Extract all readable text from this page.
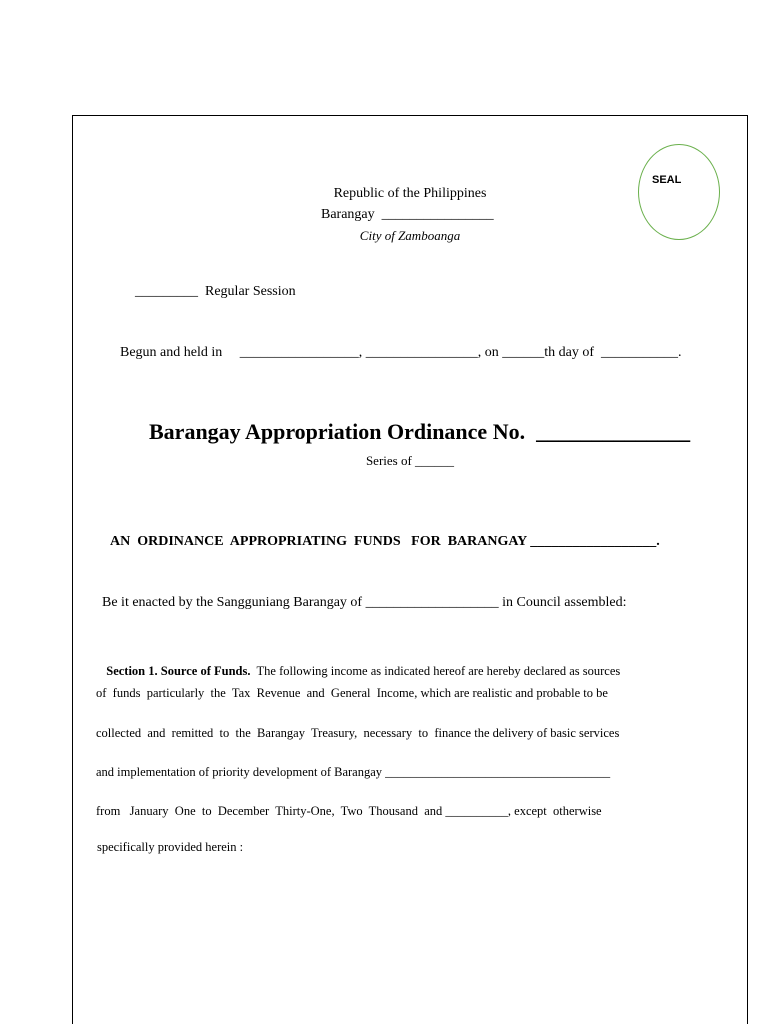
SEAL
Republic of the Philippines
Barangay  ________________
City of Zamboanga
_________  Regular Session
Begun and held in     _________________, ________________, on ______th day of  ___________.
Barangay Appropriation Ordinance No.  ______________
Series of ______
AN  ORDINANCE  APPROPRIATING  FUNDS   FOR  BARANGAY __________________.
Be it enacted by the Sangguniang Barangay of ___________________ in Council assembled:

Section 1. Source of Funds.  The following income as indicated hereof are hereby declared as sources

of  funds  particularly  the  Tax  Revenue  and  General  Income, which are realistic and probable to be
collected  and  remitted  to  the  Barangay  Treasury,  necessary  to  finance the delivery of basic services
and implementation of priority development of Barangay ____________________________________
from   January  One  to  December  Thirty-One,  Two  Thousand  and __________, except  otherwise
specifically provided herein :
